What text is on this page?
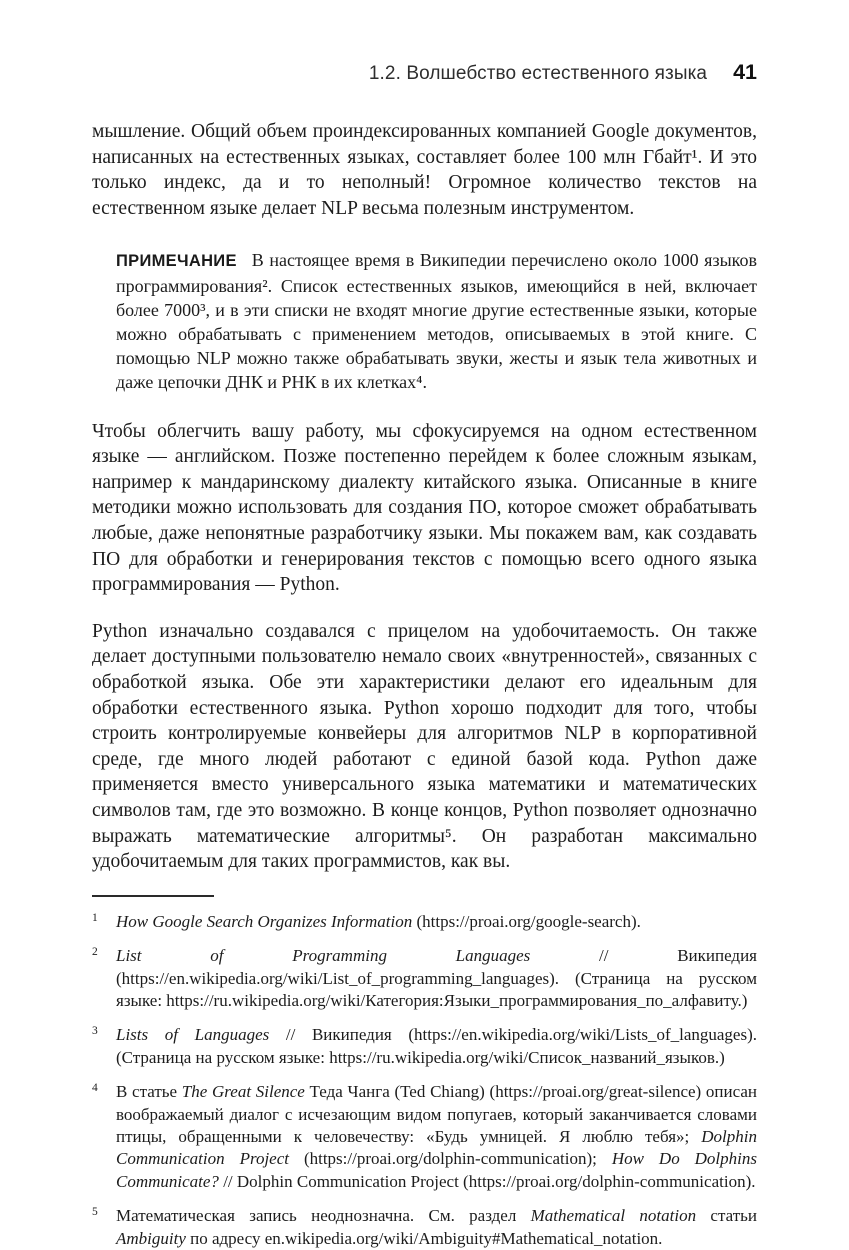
1.2. Волшебство естественного языка 41

мышление. Общий объем проиндексированных компанией Google документов, написанных на естественных языках, составляет более 100 млн Гбайт¹. И это только индекс, да и то неполный! Огромное количество текстов на естественном языке делает NLP весьма полезным инструментом.

ПРИМЕЧАНИЕ В настоящее время в Википедии перечислено около 1000 языков программирования². Список естественных языков, имеющийся в ней, включает более 7000³, и в эти списки не входят многие другие естественные языки, которые можно обрабатывать с применением методов, описываемых в этой книге. С помощью NLP можно также обрабатывать звуки, жесты и язык тела животных и даже цепочки ДНК и РНК в их клетках⁴.

Чтобы облегчить вашу работу, мы сфокусируемся на одном естественном языке — английском. Позже постепенно перейдем к более сложным языкам, например к мандаринскому диалекту китайского языка. Описанные в книге методики можно использовать для создания ПО, которое сможет обрабатывать любые, даже непонятные разработчику языки. Мы покажем вам, как создавать ПО для обработки и генерирования текстов с помощью всего одного языка программирования — Python.

Python изначально создавался с прицелом на удобочитаемость. Он также делает доступными пользователю немало своих «внутренностей», связанных с обработкой языка. Обе эти характеристики делают его идеальным для обработки естественного языка. Python хорошо подходит для того, чтобы строить контролируемые конвейеры для алгоритмов NLP в корпоративной среде, где много людей работают с единой базой кода. Python даже применяется вместо универсального языка математики и математических символов там, где это возможно. В конце концов, Python позволяет однозначно выражать математические алгоритмы⁵. Он разработан максимально удобочитаемым для таких программистов, как вы.

1 How Google Search Organizes Information (https://proai.org/google-search).
2 List of Programming Languages // Википедия (https://en.wikipedia.org/wiki/List_of_programming_languages). (Страница на русском языке: https://ru.wikipedia.org/wiki/Категория:Языки_программирования_по_алфавиту.)
3 Lists of Languages // Википедия (https://en.wikipedia.org/wiki/Lists_of_languages). (Страница на русском языке: https://ru.wikipedia.org/wiki/Список_названий_языков.)
4 В статье The Great Silence Теда Чанга (Ted Chiang) (https://proai.org/great-silence) описан воображаемый диалог с исчезающим видом попугаев, который заканчивается словами птицы, обращенными к человечеству: «Будь умницей. Я люблю тебя»; Dolphin Communication Project (https://proai.org/dolphin-communication); How Do Dolphins Communicate? // Dolphin Communication Project (https://proai.org/dolphin-communication).
5 Математическая запись неоднозначна. См. раздел Mathematical notation статьи Ambiguity по адресу en.wikipedia.org/wiki/Ambiguity#Mathematical_notation.
